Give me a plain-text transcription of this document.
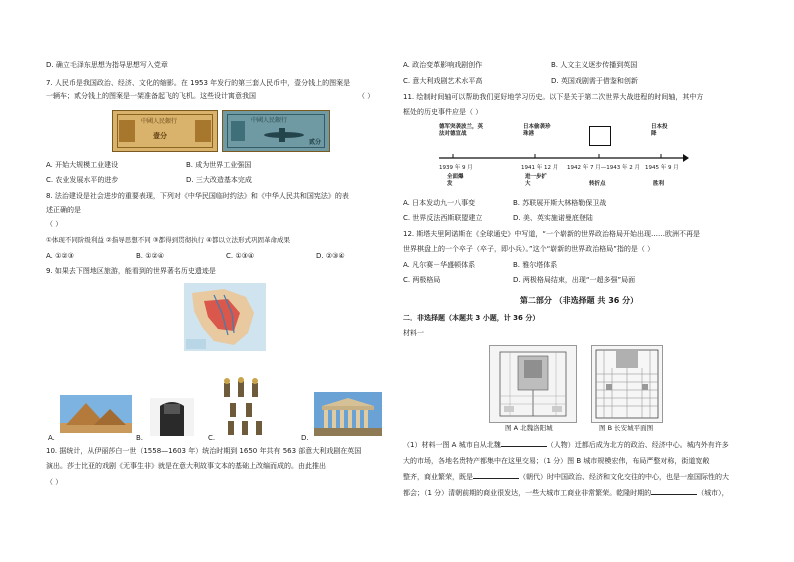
D. 确立毛泽东思想为指导思想写入党章
7. 人民币是我国政治、经济、文化的缩影。在 1953 年发行的第三套人民币中，壹分钱上的图案是
一辆车；贰分钱上的图案是一架准备起飞的飞机。这些设计寓意我国	（ ）
中國人民銀行
壹分
中國人民銀行
贰分
A. 开始大规模工业建设	B. 成为世界工业强国
C. 农业发展水平的进步	D. 三大改造基本完成
8. 法治建设是社会进步的重要表现，下列对《中华民国临时约法》和《中华人民共和国宪法》的表
述正确的是
（ ）
①体现不同阶级利益 ②指导思想不同 ③都得到贯彻执行 ④都以立法形式巩固革命成果
A. ①②③	B. ①②④	C. ①③④	D. ②③④
9. 如果去下图地区旅游，能看到的世界著名历史遗迹是
A.	B.	C.	D.
10. 据统计，从伊丽莎白一世（1558—1603 年）统治时期到 1650 年共有 563 部意大利戏剧在英国
演出。莎士比亚的戏剧《无事生非》就是在意大利故事文本的基础上改编而成的。由此推出
（ ）
A. 政治变革影响戏剧创作	B. 人文主义逐步传播到英国
C. 意大利戏剧艺术水平高	D. 英国戏剧需于借鉴和创新
11. 绘制时间轴可以帮助我们更好地学习历史。以下是关于第二次世界大战进程的时间轴，其中方
框处的历史事件应是（ ）
德军突袭波兰，英法对德宣战
日本偷袭珍珠港
日本投降
1939 年 9 月	1941 年 12 月 1942 年 7 月—1943 年 2 月 1945 年 9 月
全面爆发
进一步扩大	转折点	胜利
A. 日本发动九一八事变	B. 苏联展开斯大林格勒保卫战
C. 世界反法西斯联盟建立	D. 美、英实施诺曼底登陆
12. 斯塔夫里阿诺斯在《全球通史》中写道，“一个崭新的世界政治格局开始出现……欧洲不再是
世界棋盘上的一个卒子（卒子，即小兵）。”这个“崭新的世界政治格局”指的是（ ）
A. 凡尔赛－华盛顿体系	B. 雅尔塔体系
C. 两极格局	D. 两极格局结束，出现“一超多强”局面
第二部分 （非选择题 共 36 分）
二．非选择题（本题共 3 小题，计 36 分）
材料一
图 A 北魏洛阳城	图 B 长安城平面图
（1）材料一图 A 城市自从北魏	（人物）迁都后成为北方的政治、经济中心。城内外有许多
大的市场，各地名贵特产都集中在这里交易；（1 分）图 B 城市规模宏伟，布局严整对称，街道宽敞
整齐，商业繁荣，既是	（朝代）时中国政治、经济和文化交往的中心，也是一座国际性的大
都会；（1 分）清朝前期的商业很发达，一些大城市工商业非常繁荣。乾隆时期的	（城市），
